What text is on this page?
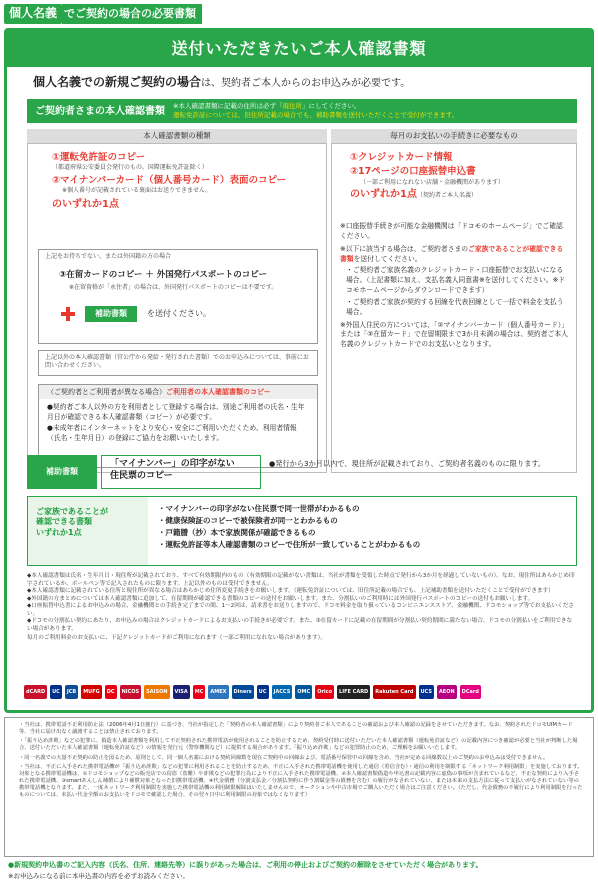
個人名義 でご契約の場合の必要書類
送付いただきたいご本人確認書類
個人名義での新規ご契約の場合は、契約者ご本人からのお申込みが必要です。
ご契約者さまの本人確認書類	※本人確認書類に記載の住所は必ず「現住所」にしてください。
運転免許証については、旧住所記載の場合でも、補助書類を送付いただくことで受付ができます。
本人確認書類の種類
①運転免許証のコピー
（都道府県公安委員会発行のもの。国際運転免許証除く）
②マイナンバーカード（個人番号カード）表面のコピー
※個人番号が記載されている裏面はお送りできません。
のいずれか1点
上記をお持ちでない、または外国籍の方の場合
③在留カードのコピー ＋ 外国発行パスポートのコピー
※在留資格が「永住者」の場合は、外国発行パスポートのコピーは不要です。
補助書類	を送付ください。
上記以外の本人確認書類（官公庁から発給・発行された書類）でのお申込みについては、事前にお問い合わせください。
（ご契約者とご利用者が異なる場合）ご利用者の本人確認書類のコピー
●契約者ご本人以外の方を利用者として登録する場合は、別途ご利用者の氏名・生年月日が確認できる本人確認書類（コピー）が必要です。
●未成年者にインターネットをより安心・安全にご利用いただくため、利用者情報（氏名・生年月日）の登録にご協力をお願いいたします。
毎月のお支払いの手続きに必要なもの
①クレジットカード情報
②17ページの口座振替申込書
（一部ご利用になれない店舗・金融機関があります）
のいずれか1点（契約者ご本人名義）
※口座振替手続きが可能な金融機関は「ドコモのホームページ」でご確認ください。
※以下に該当する場合は、ご契約者さまのご家族であることが確認できる書類を送付してください。
・ご契約者ご家族名義のクレジットカード・口座振替でお支払いになる場合。（上記書類に加え、支払名義人同意書※を送付してください。※ドコモホームページからダウンロードできます）
・ご契約者ご家族が契約する回線を代表回線として一括で料金を支払う場合。
※外国人住民の方については、「②マイナンバーカード（個人番号カード）」または「③在留カード」で在留期限まで3か月未満の場合は、契約者ご本人名義のクレジットカードでのお支払いとなります。
補助書類
「マイナンバー」の印字がない
住民票のコピー
●発行から3か月以内で、現住所が記載されており、ご契約者名義のものに限ります。
ご家族であることが
確認できる書類
いずれか1点
・マイナンバーの印字がない住民票で同一世帯がわかるもの
・健康保険証のコピーで被保険者が同一とわかるもの
・戸籍謄（抄）本で家族関係が確認できるもの
・運転免許証等本人確認書類のコピーで住所が一致していることがわかるもの
◆本人確認書類は氏名・生年月日・現住所が記載されており、すべて有効期限内のもの（有効期限の記載がない書類は、当社が書類を受領した時点で発行から3か月を経過していないもの）。なお、現住所はあらかじめ印字されているか、ボールペン等で記入されたものに限ります。上記以外のものは受付できません。
◆本人確認書類に記載されている住所と現住所が異なる場合はあらかじめ住所変更手続きをお願いします。（運転免許証については、旧住所記載の場合でも、上記補助書類を送付いただくことで受付ができます）
◆外国籍の方まとめについては本人確認書類に追加して、在留期間が確認できる書類のコピーの送付をお願いします。また、分割払いのご利用時には外国発行パスポートのコピーの送付もお願いします。
◆口座振替申込書によるお申込みの場合、金融機関との手続き完了までの間、1〜2回は、請求書をお送りしますので、ドコモ料金を取り扱っているコンビニエンスストア、金融機関、ドコモショップ等でお支払いください。
◆ドコモの分割払い契約にあたり、お申込みの場合はクレジットカードによるお支払いの手続きが必要です。また、③在留カードに記載の在留期間が分割払い契約期間に満たない場合、ドコモの分割払いをご利用できない場合があります。
毎月のご利用料金のお支払いに、下記クレジットカードがご利用になれます（一部ご利用になれない場合があります）。
dCARD	UC	JCB	MUFG	DC	NICOS	SAISON	VISA	MC	AMEX	Diners	UC	JACCS	OMC	Orico	LIFE CARD	Rakuten Card	UCS	AEON	DCard

・当社は、携帯電話不正利用防止法（2006年4月1日施行）に基づき、当社が指定した「契約者の本人確認書類」により契約者ご本人であることの確認および本人確認の記録をさせていただきます。なお、契約されたドコモUIMカード等、当社に届け出なく譲渡することは禁止されております。

・「振り込め詐欺」などの犯罪に、偽造本人確認書類を利用して不正契約された携帯電話が使用されることを防止するため、契約受付時に送付いただいた本人確認書類（運転免許証など）の記載内容につき確認が必要と当社が判断した場合、送付いただいた本人確認書類（運転免許証など）の情報を発行元（警察機関など）に提供する場合があります。「振り込め詐欺」などの犯罪防止のため、ご理解をお願いいたします。

・同一名義での大量不正契約の防止を図るため、原則として、同一個人名義における契約回線数を現在ご契約中の回線および、電話番号保管中の回線を含め、当社が定める回線数以上のご契約のお申込みは受付できません。

・当社は、不正に入手された携帯電話機が「振り込め詐欺」などの犯罪に利用されることを防止するため、不正に入手された携帯電話機を使用した通信（着信含む）・通信の利用を制限する「ネットワーク利用制限」を実施しております。対象となる携帯電話機は、①ドコモショップなどの販売店での窃盗（盗難）や詐欺などの犯罪行為により不正に入手された携帯電話機、②本人確認書類偽造や申込書の記載内容に虚偽の事項が含まれているなど、不正な契約により入手された携帯電話機、③smartあんしん補償により補償対象となった旧携帯電話機、④代金債務（分割支払金／分割払契約に伴う割賦金等の債務を含む）の履行がなされていない、または本来の支払方法に従って支払いがなされていない等の携帯電話機となります。また、一度ネットワーク利用制限を実施した携帯電話機の利用制限解除はいたしませんので、オークションや中古市場でご購入いただく場合はご注意ください。（ただし、代金債務の不履行により利用制限を行ったものについては、未払い代金全額のお支払いをドコモで確認した場合、その翌々日中に利用制限の対象ではなくなります）

●新規契約申込書のご記入内容（氏名、住所、連絡先等）に誤りがあった場合は、ご利用の停止およびご契約の解除をさせていただく場合があります。
※お申込みになる前に本申込書の内容を必ずお読みください。
